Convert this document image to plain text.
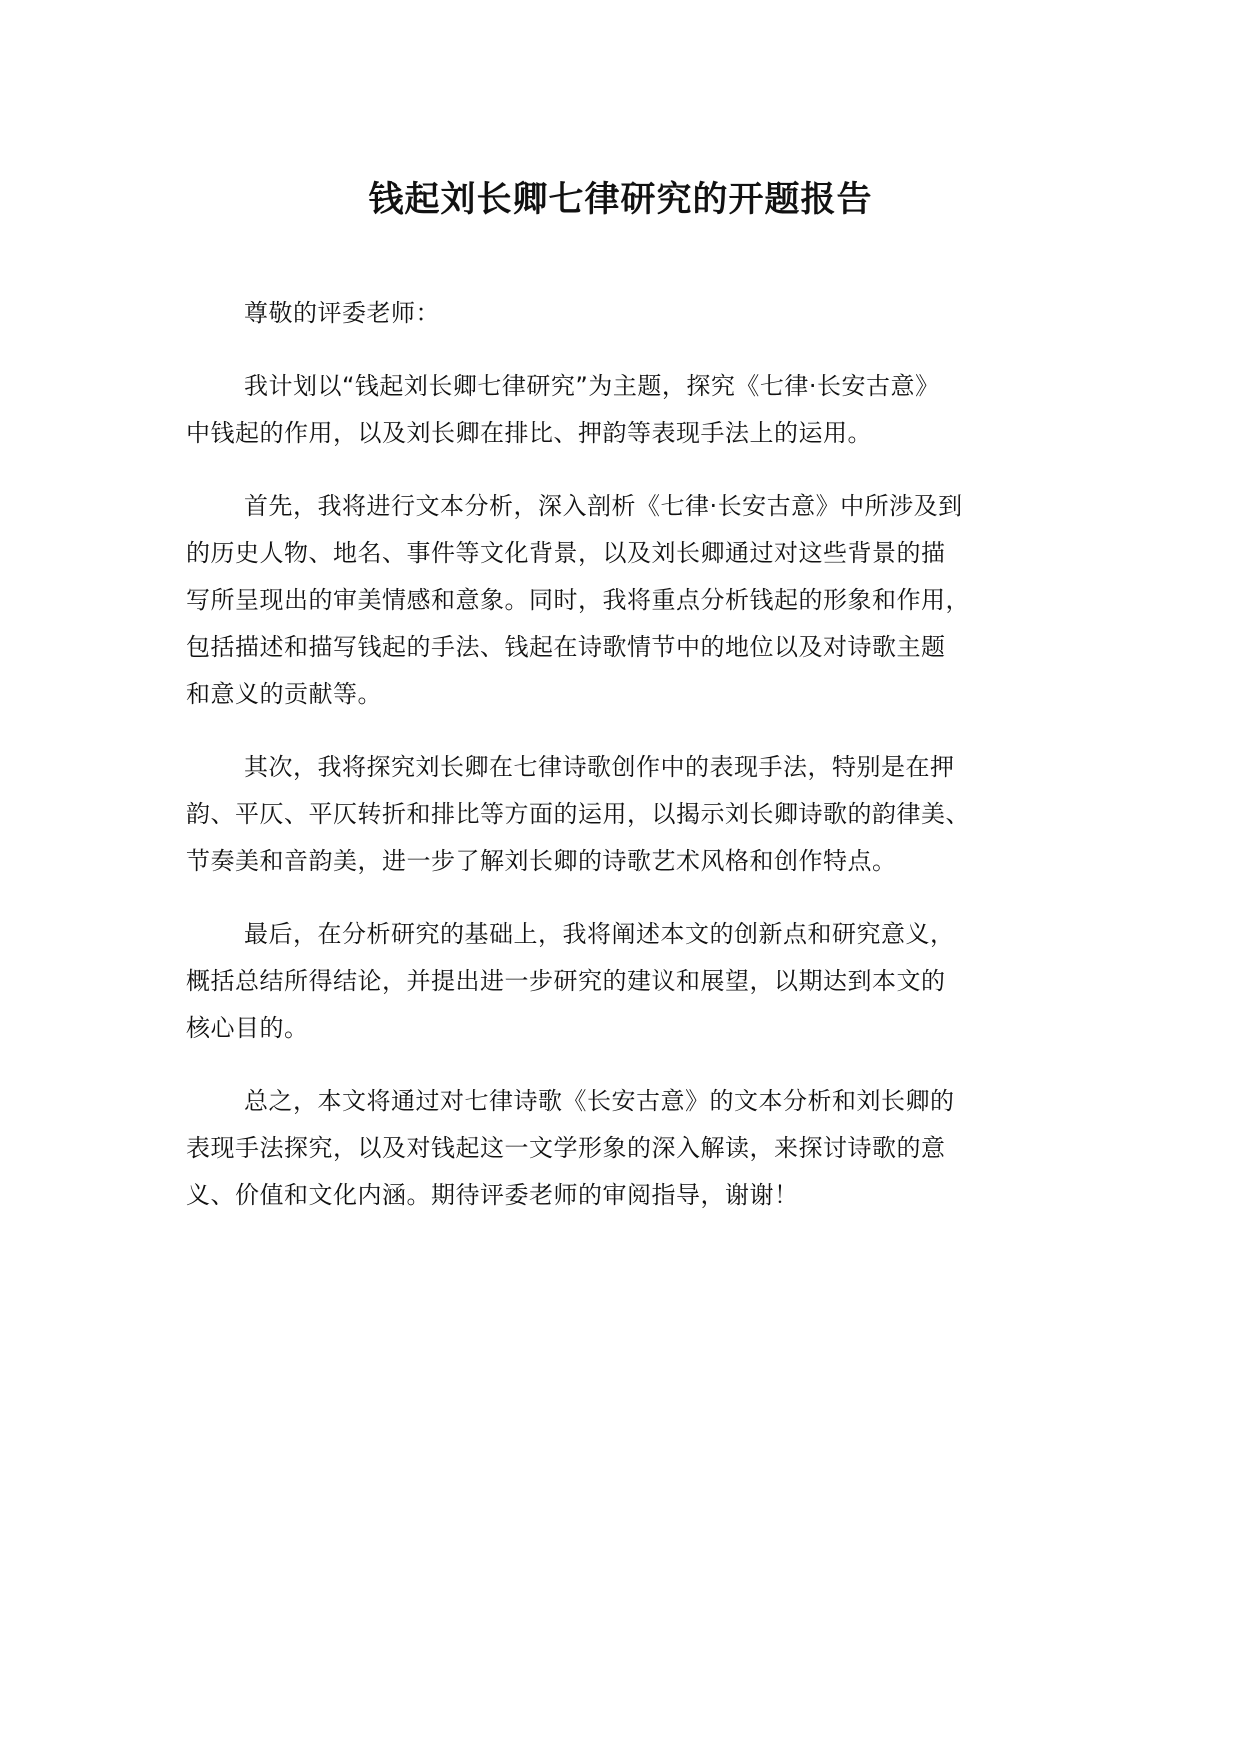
钱起刘长卿七律研究的开题报告

尊敬的评委老师：

我计划以“钱起刘长卿七律研究”为主题，探究《七律·长安古意》
中钱起的作用，以及刘长卿在排比、押韵等表现手法上的运用。

首先，我将进行文本分析，深入剖析《七律·长安古意》中所涉及到
的历史人物、地名、事件等文化背景，以及刘长卿通过对这些背景的描
写所呈现出的审美情感和意象。同时，我将重点分析钱起的形象和作用，
包括描述和描写钱起的手法、钱起在诗歌情节中的地位以及对诗歌主题
和意义的贡献等。

其次，我将探究刘长卿在七律诗歌创作中的表现手法，特别是在押
韵、平仄、平仄转折和排比等方面的运用，以揭示刘长卿诗歌的韵律美、
节奏美和音韵美，进一步了解刘长卿的诗歌艺术风格和创作特点。

最后，在分析研究的基础上，我将阐述本文的创新点和研究意义，
概括总结所得结论，并提出进一步研究的建议和展望，以期达到本文的
核心目的。

总之，本文将通过对七律诗歌《长安古意》的文本分析和刘长卿的
表现手法探究，以及对钱起这一文学形象的深入解读，来探讨诗歌的意
义、价值和文化内涵。期待评委老师的审阅指导，谢谢！
